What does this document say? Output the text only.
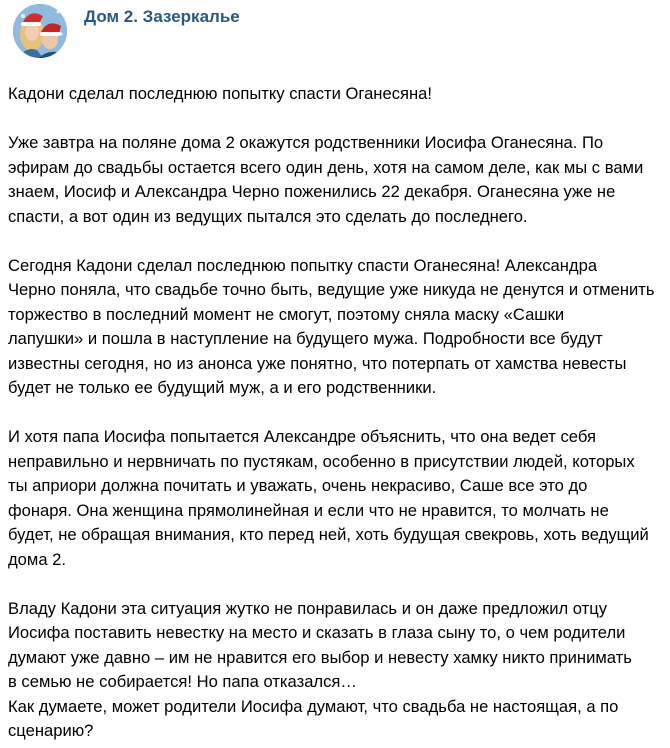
Дом 2. Зазеркалье

Кадони сделал последнюю попытку спасти Оганесяна!

Уже завтра на поляне дома 2 окажутся родственники Иосифа Оганесяна. По
эфирам до свадьбы остается всего один день, хотя на самом деле, как мы с вами
знаем, Иосиф и Александра Черно поженились 22 декабря. Оганесяна уже не
спасти, а вот один из ведущих пытался это сделать до последнего.

Сегодня Кадони сделал последнюю попытку спасти Оганесяна! Александра
Черно поняла, что свадьбе точно быть, ведущие уже никуда не денутся и отменить
торжество в последний момент не смогут, поэтому сняла маску «Сашки
лапушки» и пошла в наступление на будущего мужа. Подробности все будут
известны сегодня, но из анонса уже понятно, что потерпать от хамства невесты
будет не только ее будущий муж, а и его родственники.

И хотя папа Иосифа попытается Александре объяснить, что она ведет себя
неправильно и нервничать по пустякам, особенно в присутствии людей, которых
ты априори должна почитать и уважать, очень некрасиво, Саше все это до
фонаря. Она женщина прямолинейная и если что не нравится, то молчать не
будет, не обращая внимания, кто перед ней, хоть будущая свекровь, хоть ведущий
дома 2.

Владу Кадони эта ситуация жутко не понравилась и он даже предложил отцу
Иосифа поставить невестку на место и сказать в глаза сыну то, о чем родители
думают уже давно – им не нравится его выбор и невесту хамку никто принимать
в семью не собирается! Но папа отказался…
Как думаете, может родители Иосифа думают, что свадьба не настоящая, а по
сценарию?
